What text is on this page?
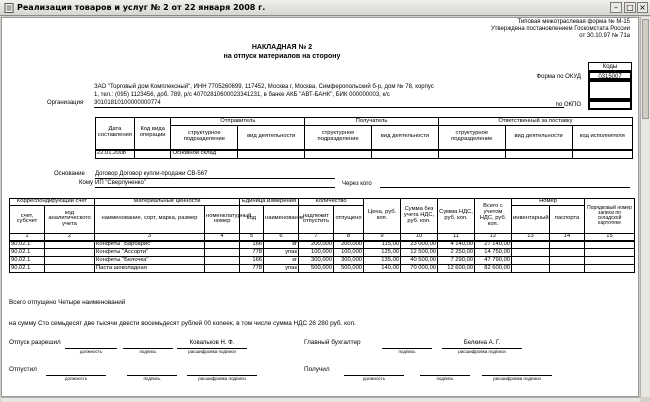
Реализация товаров и услуг № 2 от 22 января 2008 г.	–	□ ×
Типовая межотраслевая форма № М-15
Утверждена постановлением Госкомстата России
от 30.10.97 № 71а
НАКЛАДНАЯ № 2
на отпуск материалов на сторону
Коды
Форма по ОКУД	0315007
по ОКПО
ЗАО "Торговый дом Комплексный", ИНН 7705260699, 117452, Москва г, Москва, Симферопольский б-р, дом № 78, корпус
1, тел.: (095) 1123456, доб. 789, р/с 40702810600023341231, в банке АКБ "АВТ-БАНК", БИК 000000003, к/с
Организация 30101810100000000774
Дата составления	Код вида операции	Отправитель		Получатель		Ответственный за поставку		
		структурное подразделение	вид деятельности	структурное подразделение	вид деятельности	структурное подразделение	вид деятельности	код исполнителя
22.01.2008		Основной склад						
Основание Договор Договор купли-продажи СВ-567
Кому ИП "Сверлуненко"	Через кого
Корреспондирующий счет		Материальные ценности		Единица измерения		Количество		Цена, руб. коп.	Сумма без учета НДС, руб. коп.	Сумма НДС, руб. коп.	Всего с учетом НДС, руб. коп.	Номер		Порядковый номер записи по складской картотеке
счет, субсчет	код аналитического учета	наименование, сорт, марка, размер	номенклатурный номер	код	наименование	надлежит отпустить	отпущено					инвентарный	паспорта	
1	2	3	4	5	6	7	8	9	10	11	12	13	14	15
90.02.1		Конфеты "Барбарис"		166	кг	200,000	200,000	115,00	23 000,00	4 140,00	27 140,00			
90.02.1		Конфеты "Ассорти"		778	упак	100,000	100,000	125,00	12 500,00	2 250,00	14 750,00			
90.02.1		Конфеты "Белочка"		166	кг	300,000	300,000	135,00	40 500,00	7 290,00	47 790,00			
90.02.1		Паста шоколадная		778	упак	500,000	500,000	140,00	70 000,00	12 600,00	82 600,00			
Всего отпущено Четыре наименований
на сумму Сто семьдесят две тысячи двести восемьдесят рублей 00 копеек, в том числе сумма НДС 26 280 руб. коп.
Отпуск разрешил	Ковальков Н. Ф.
должность	подпись	расшифровка подписи
Главный бухгалтер	Белкина А. Г.
подпись	расшифровка подписи
Отпустил
должность	подпись	расшифровка подписи
Получил
должность	подпись	расшифровка подписи
